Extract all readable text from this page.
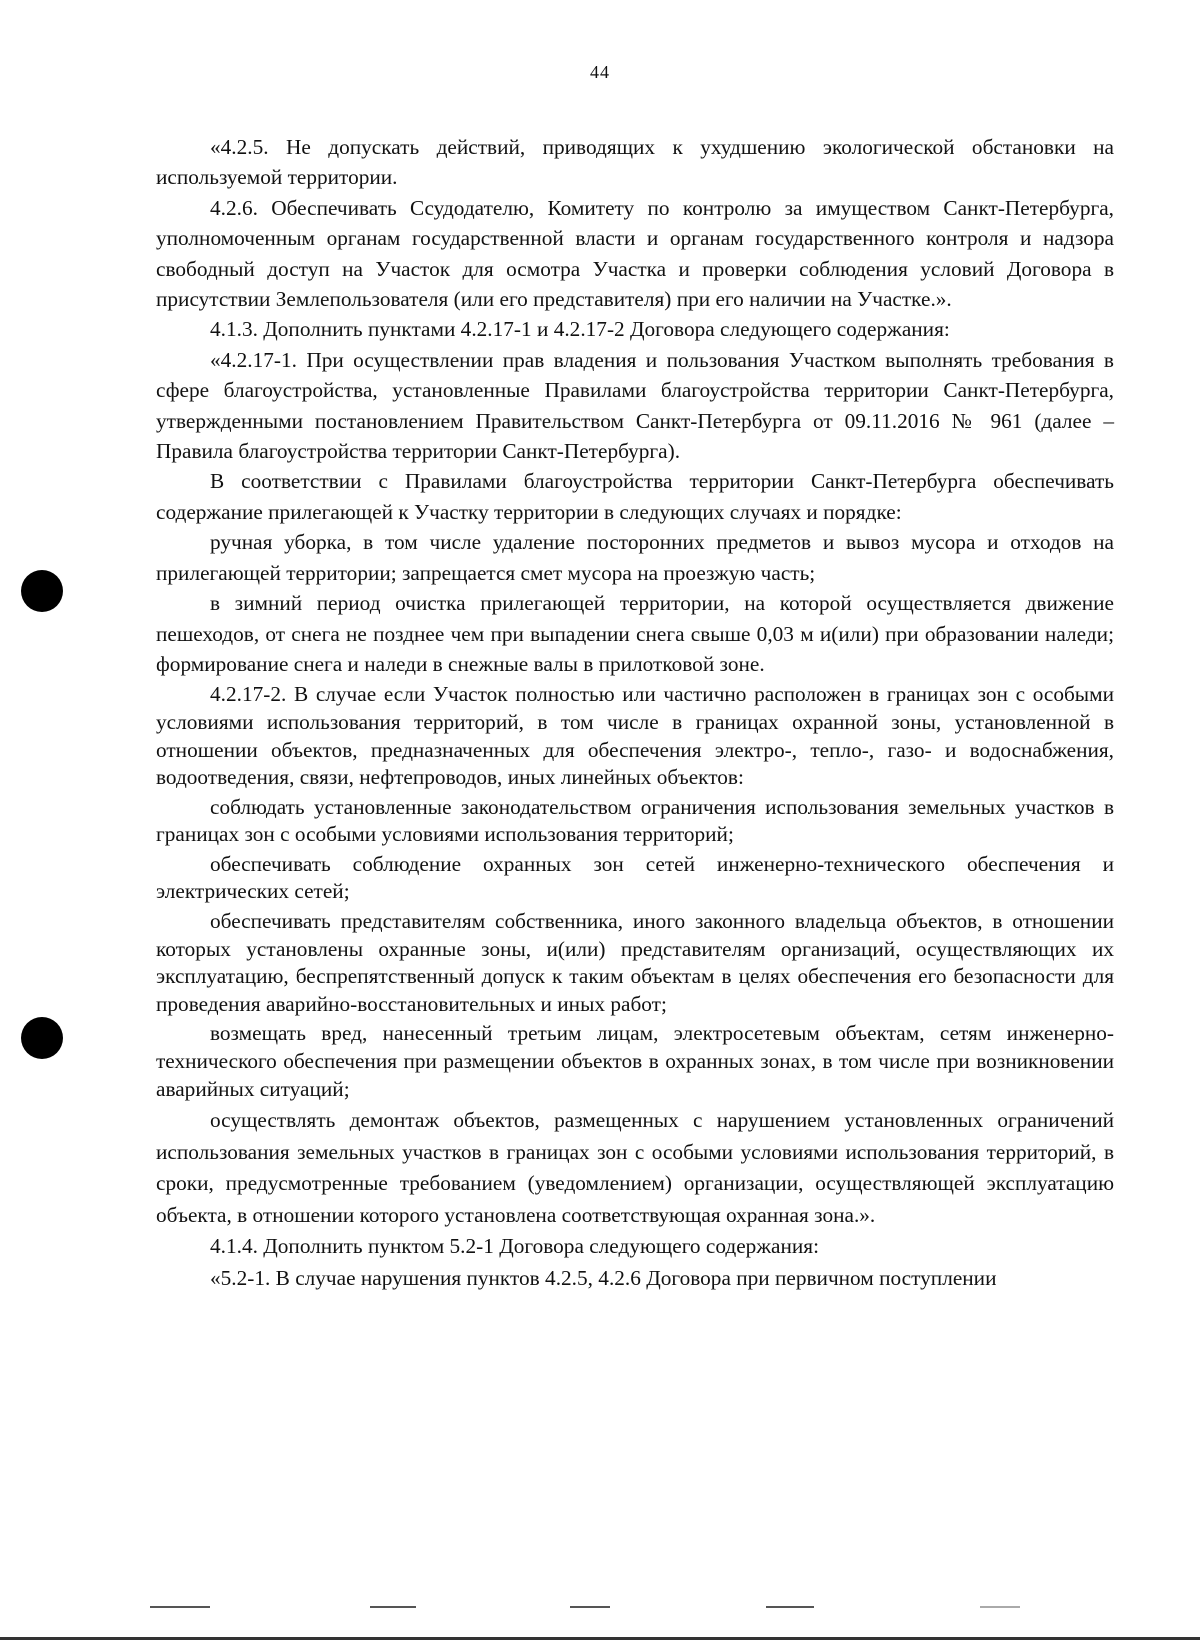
44

«4.2.5. Не допускать действий, приводящих к ухудшению экологической обстановки на используемой территории.

4.2.6. Обеспечивать Ссудодателю, Комитету по контролю за имуществом Санкт-Петербурга, уполномоченным органам государственной власти и органам государственного контроля и надзора свободный доступ на Участок для осмотра Участка и проверки соблюдения условий Договора в присутствии Землепользователя (или его представителя) при его наличии на Участке.».

4.1.3. Дополнить пунктами 4.2.17-1 и 4.2.17-2 Договора следующего содержания:

«4.2.17-1. При осуществлении прав владения и пользования Участком выполнять требования в сфере благоустройства, установленные Правилами благоустройства территории Санкт-Петербурга, утвержденными постановлением Правительством Санкт-Петербурга от 09.11.2016 № 961 (далее – Правила благоустройства территории Санкт-Петербурга).

В соответствии с Правилами благоустройства территории Санкт-Петербурга обеспечивать содержание прилегающей к Участку территории в следующих случаях и порядке:

ручная уборка, в том числе удаление посторонних предметов и вывоз мусора и отходов на прилегающей территории; запрещается смет мусора на проезжую часть;

в зимний период очистка прилегающей территории, на которой осуществляется движение пешеходов, от снега не позднее чем при выпадении снега свыше 0,03 м и(или) при образовании наледи; формирование снега и наледи в снежные валы в прилотковой зоне.

4.2.17-2. В случае если Участок полностью или частично расположен в границах зон с особыми условиями использования территорий, в том числе в границах охранной зоны, установленной в отношении объектов, предназначенных для обеспечения электро-, тепло-, газо- и водоснабжения, водоотведения, связи, нефтепроводов, иных линейных объектов:

соблюдать установленные законодательством ограничения использования земельных участков в границах зон с особыми условиями использования территорий;

обеспечивать соблюдение охранных зон сетей инженерно-технического обеспечения и электрических сетей;

обеспечивать представителям собственника, иного законного владельца объектов, в отношении которых установлены охранные зоны, и(или) представителям организаций, осуществляющих их эксплуатацию, беспрепятственный допуск к таким объектам в целях обеспечения его безопасности для проведения аварийно-восстановительных и иных работ;

возмещать вред, нанесенный третьим лицам, электросетевым объектам, сетям инженерно-технического обеспечения при размещении объектов в охранных зонах, в том числе при возникновении аварийных ситуаций;

осуществлять демонтаж объектов, размещенных с нарушением установленных ограничений использования земельных участков в границах зон с особыми условиями использования территорий, в сроки, предусмотренные требованием (уведомлением) организации, осуществляющей эксплуатацию объекта, в отношении которого установлена соответствующая охранная зона.».

4.1.4. Дополнить пунктом 5.2-1 Договора следующего содержания:

«5.2-1. В случае нарушения пунктов 4.2.5, 4.2.6 Договора при первичном поступлении
